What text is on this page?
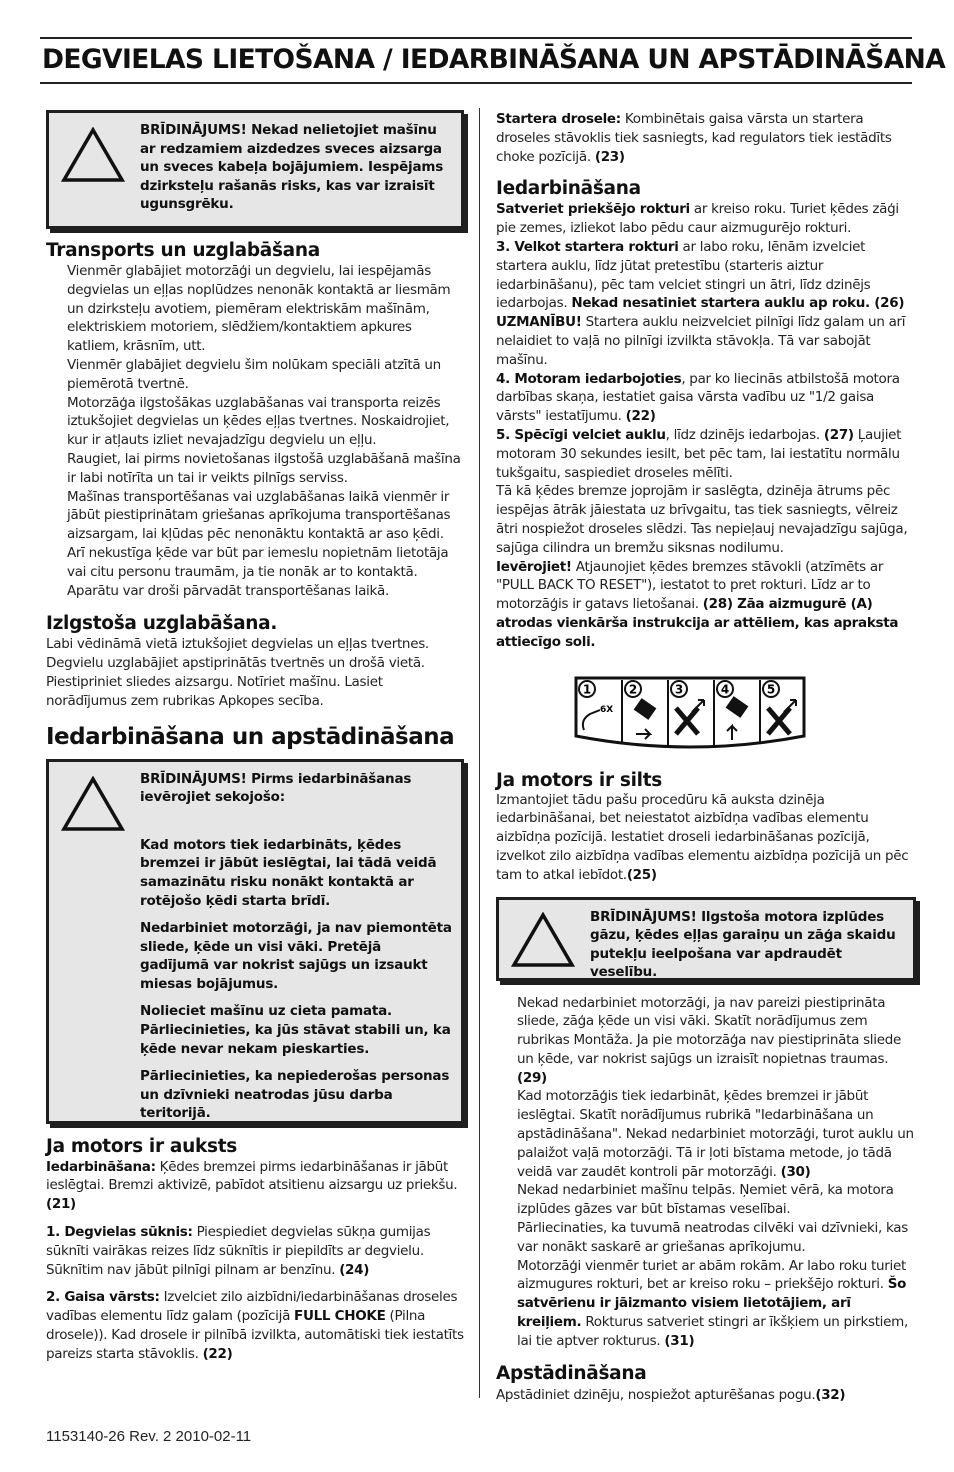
DEGVIELAS LIETOŠANA / IEDARBINĀŠANA UN APSTĀDINĀŠANA

BRĪDINĀJUMS! Nekad nelietojiet mašīnu ar redzamiem aizdedzes sveces aizsarga un sveces kabeļa bojājumiem. Iespējams dzirksteļu rašanās risks, kas var izraisīt ugunsgrēku.

Transports un uzglabāšana

Vienmēr glabājiet motorzāģi un degvielu, lai iespējamās degvielas un eļļas noplūdzes nenonāk kontaktā ar liesmām un dzirksteļu avotiem, piemēram elektriskām mašīnām, elektriskiem motoriem, slēdžiem/kontaktiem apkures katliem, krāsnīm, utt.

Vienmēr glabājiet degvielu šim nolūkam speciāli atzītā un piemērotā tvertnē.

Motorzāģa ilgstošākas uzglabāšanas vai transporta reizēs iztukšojiet degvielas un ķēdes eļļas tvertnes. Noskaidrojiet, kur ir atļauts izliet nevajadzīgu degvielu un eļļu.

Raugiet, lai pirms novietošanas ilgstošā uzglabāšanā mašīna ir labi notīrīta un tai ir veikts pilnīgs serviss.

Mašīnas transportēšanas vai uzglabāšanas laikā vienmēr ir jābūt piestiprinātam griešanas aprīkojuma transportēšanas aizsargam, lai kļūdas pēc nenonāktu kontaktā ar aso ķēdi. Arī nekustīga ķēde var būt par iemeslu nopietnām lietotāja vai citu personu traumām, ja tie nonāk ar to kontaktā.

Aparātu var droši pārvadāt transportēšanas laikā.

Izlgstoša uzglabāšana.

Labi vēdināmā vietā iztukšojiet degvielas un eļļas tvertnes. Degvielu uzglabājiet apstiprinātās tvertnēs un drošā vietā. Piestipriniet sliedes aizsargu. Notīriet mašīnu. Lasiet norādījumus zem rubrikas Apkopes secība.

Iedarbināšana un apstādināšana

BRĪDINĀJUMS! Pirms iedarbināšanas ievērojiet sekojošo:

Kad motors tiek iedarbināts, ķēdes bremzei ir jābūt ieslēgtai, lai tādā veidā samazinātu risku nonākt kontaktā ar rotējošo ķēdi starta brīdī.

Nedarbiniet motorzāģi, ja nav piemontēta sliede, ķēde un visi vāki. Pretējā gadījumā var nokrist sajūgs un izsaukt miesas bojājumus.

Nolieciet mašīnu uz cieta pamata. Pārliecinieties, ka jūs stāvat stabili un, ka ķēde nevar nekam pieskarties.

Pārliecinieties, ka nepiederošas personas un dzīvnieki neatrodas jūsu darba teritorijā.

Ja motors ir auksts

Iedarbināšana: Ķēdes bremzei pirms iedarbināšanas ir jābūt ieslēgtai. Bremzi aktivizē, pabīdot atsitienu aizsargu uz priekšu. (21)

1. Degvielas sūknis: Piespiediet degvielas sūkņa gumijas sūknīti vairākas reizes līdz sūknītis ir piepildīts ar degvielu. Sūknītim nav jābūt pilnīgi pilnam ar benzīnu. (24)

2. Gaisa vārsts: Izvelciet zilo aizbīdni/iedarbināšanas droseles vadības elementu līdz galam (pozīcijā FULL CHOKE (Pilna drosele)). Kad drosele ir pilnībā izvilkta, automātiski tiek iestatīts pareizs starta stāvoklis. (22)

Startera drosele: Kombinētais gaisa vārsta un startera droseles stāvoklis tiek sasniegts, kad regulators tiek iestādīts choke pozīcijā. (23)

Iedarbināšana

Satveriet priekšējo rokturi ar kreiso roku. Turiet ķēdes zāģi pie zemes, izliekot labo pēdu caur aizmugurējo rokturi.

3. Velkot startera rokturi ar labo roku, lēnām izvelciet startera auklu, līdz jūtat pretestību (starteris aiztur iedarbināšanu), pēc tam velciet stingri un ātri, līdz dzinējs iedarbojas. Nekad nesatiniet startera auklu ap roku. (26)

UZMANĪBU! Startera auklu neizvelciet pilnīgi līdz galam un arī nelaidiet to vaļā no pilnīgi izvilkta stāvokļa. Tā var sabojāt mašīnu.

4. Motoram iedarbojoties, par ko liecinās atbilstošā motora darbības skaņa, iestatiet gaisa vārsta vadību uz "1/2 gaisa vārsts" iestatījumu. (22)

5. Spēcīgi velciet auklu, līdz dzinējs iedarbojas. (27) Ļaujiet motoram 30 sekundes iesilt, bet pēc tam, lai iestatītu normālu tukšgaitu, saspiediet droseles mēlīti.

Tā kā ķēdes bremze joprojām ir saslēgta, dzinēja ātrums pēc iespējas ātrāk jāiestata uz brīvgaitu, tas tiek sasniegts, vēlreiz ātri nospiežot droseles slēdzi. Tas nepieļauj nevajadzīgu sajūga, sajūga cilindra un bremžu siksnas nodilumu.

Ievērojiet! Atjaunojiet ķēdes bremzes stāvokli (atzīmēts ar "PULL BACK TO RESET"), iestatot to pret rokturi. Līdz ar to motorzāģis ir gatavs lietošanai. (28) Zāa aizmugurē (A) atrodas vienkārša instrukcija ar attēliem, kas apraksta attiecīgo soli.

1
6X
2	3	4	5
Ja motors ir silts

Izmantojiet tādu pašu procedūru kā auksta dzinēja iedarbināšanai, bet neiestatot aizbīdņa vadības elementu aizbīdņa pozīcijā. Iestatiet droseli iedarbināšanas pozīcijā, izvelkot zilo aizbīdņa vadības elementu aizbīdņa pozīcijā un pēc tam to atkal iebīdot.(25)

BRĪDINĀJUMS! Ilgstoša motora izplūdes gāzu, ķēdes eļļas garaiņu un zāģa skaidu putekļu ieelpošana var apdraudēt veselību.

Nekad nedarbiniet motorzāģi, ja nav pareizi piestiprināta sliede, zāģa ķēde un visi vāki. Skatīt norādījumus zem rubrikas Montāža. Ja pie motorzāģa nav piestiprināta sliede un ķēde, var nokrist sajūgs un izraisīt nopietnas traumas. (29)

Kad motorzāģis tiek iedarbināt, ķēdes bremzei ir jābūt ieslēgtai. Skatīt norādījumus rubrikā "Iedarbināšana un apstādināšana". Nekad nedarbiniet motorzāģi, turot auklu un palaižot vaļā motorzāģi. Tā ir ļoti bīstama metode, jo tādā veidā var zaudēt kontroli pār motorzāģi. (30)

Nekad nedarbiniet mašīnu telpās. Ņemiet vērā, ka motora izplūdes gāzes var būt bīstamas veselībai.

Pārliecinaties, ka tuvumā neatrodas cilvēki vai dzīvnieki, kas var nonākt saskarē ar griešanas aprīkojumu.

Motorzāģi vienmēr turiet ar abām rokām. Ar labo roku turiet aizmugures rokturi, bet ar kreiso roku – priekšējo rokturi. Šo satvērienu ir jāizmanto visiem lietotājiem, arī kreiļiem. Rokturus satveriet stingri ar īkšķiem un pirkstiem, lai tie aptver rokturus. (31)

Apstādināšana

Apstādiniet dzinēju, nospiežot apturēšanas pogu.(32)

1153140-26 Rev. 2 2010-02-11
